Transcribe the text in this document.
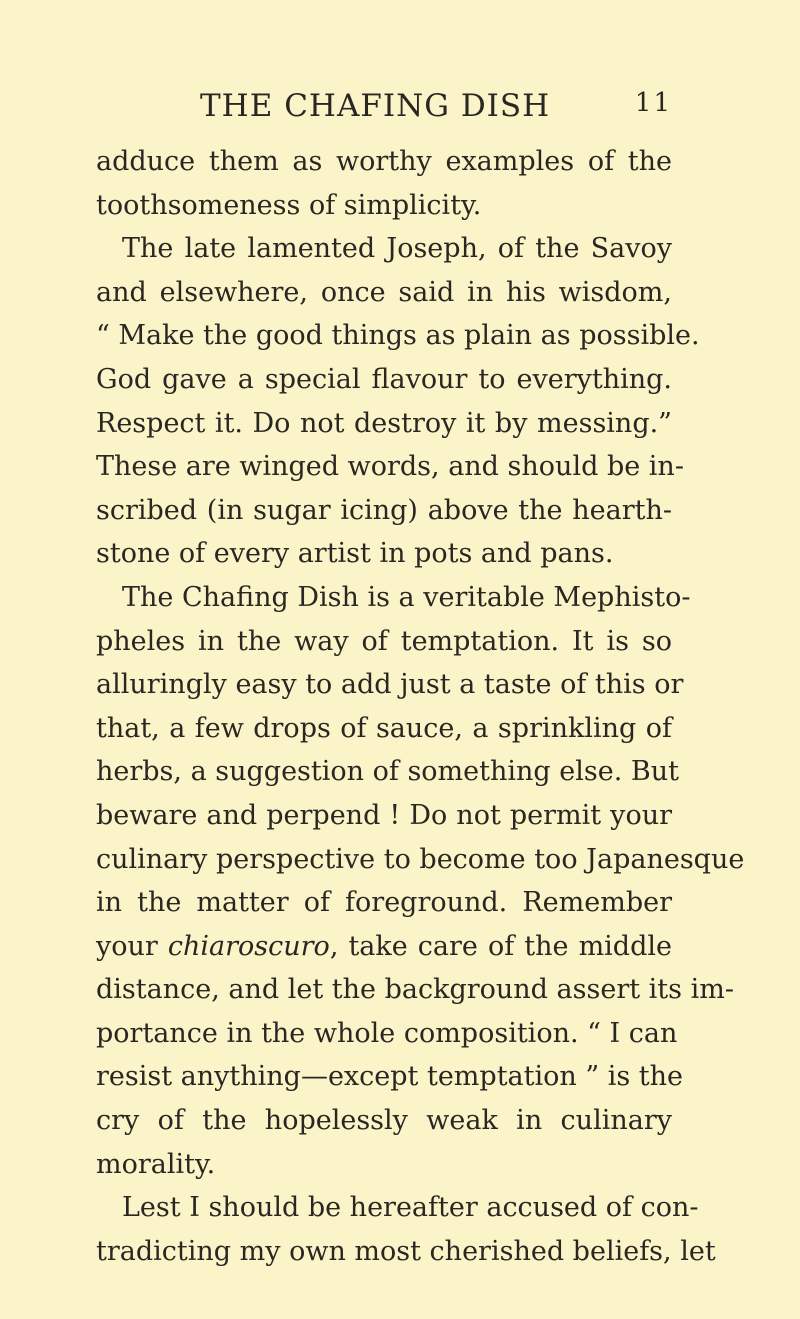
THE CHAFING DISH	11
adduce them as worthy examples of the
toothsomeness of simplicity.
The late lamented Joseph, of the Savoy
and elsewhere, once said in his wisdom,
“ Make the good things as plain as possible.
God gave a special flavour to everything.
Respect it. Do not destroy it by messing.”
These are winged words, and should be in-
scribed (in sugar icing) above the hearth-
stone of every artist in pots and pans.
The Chafing Dish is a veritable Mephisto-
pheles in the way of temptation. It is so
alluringly easy to add just a taste of this or
that, a few drops of sauce, a sprinkling of
herbs, a suggestion of something else. But
beware and perpend ! Do not permit your
culinary perspective to become too Japanesque
in the matter of foreground. Remember
your chiaroscuro, take care of the middle
distance, and let the background assert its im-
portance in the whole composition. “ I can
resist anything—except temptation ” is the
cry of the hopelessly weak in culinary
morality.
Lest I should be hereafter accused of con-
tradicting my own most cherished beliefs, let
